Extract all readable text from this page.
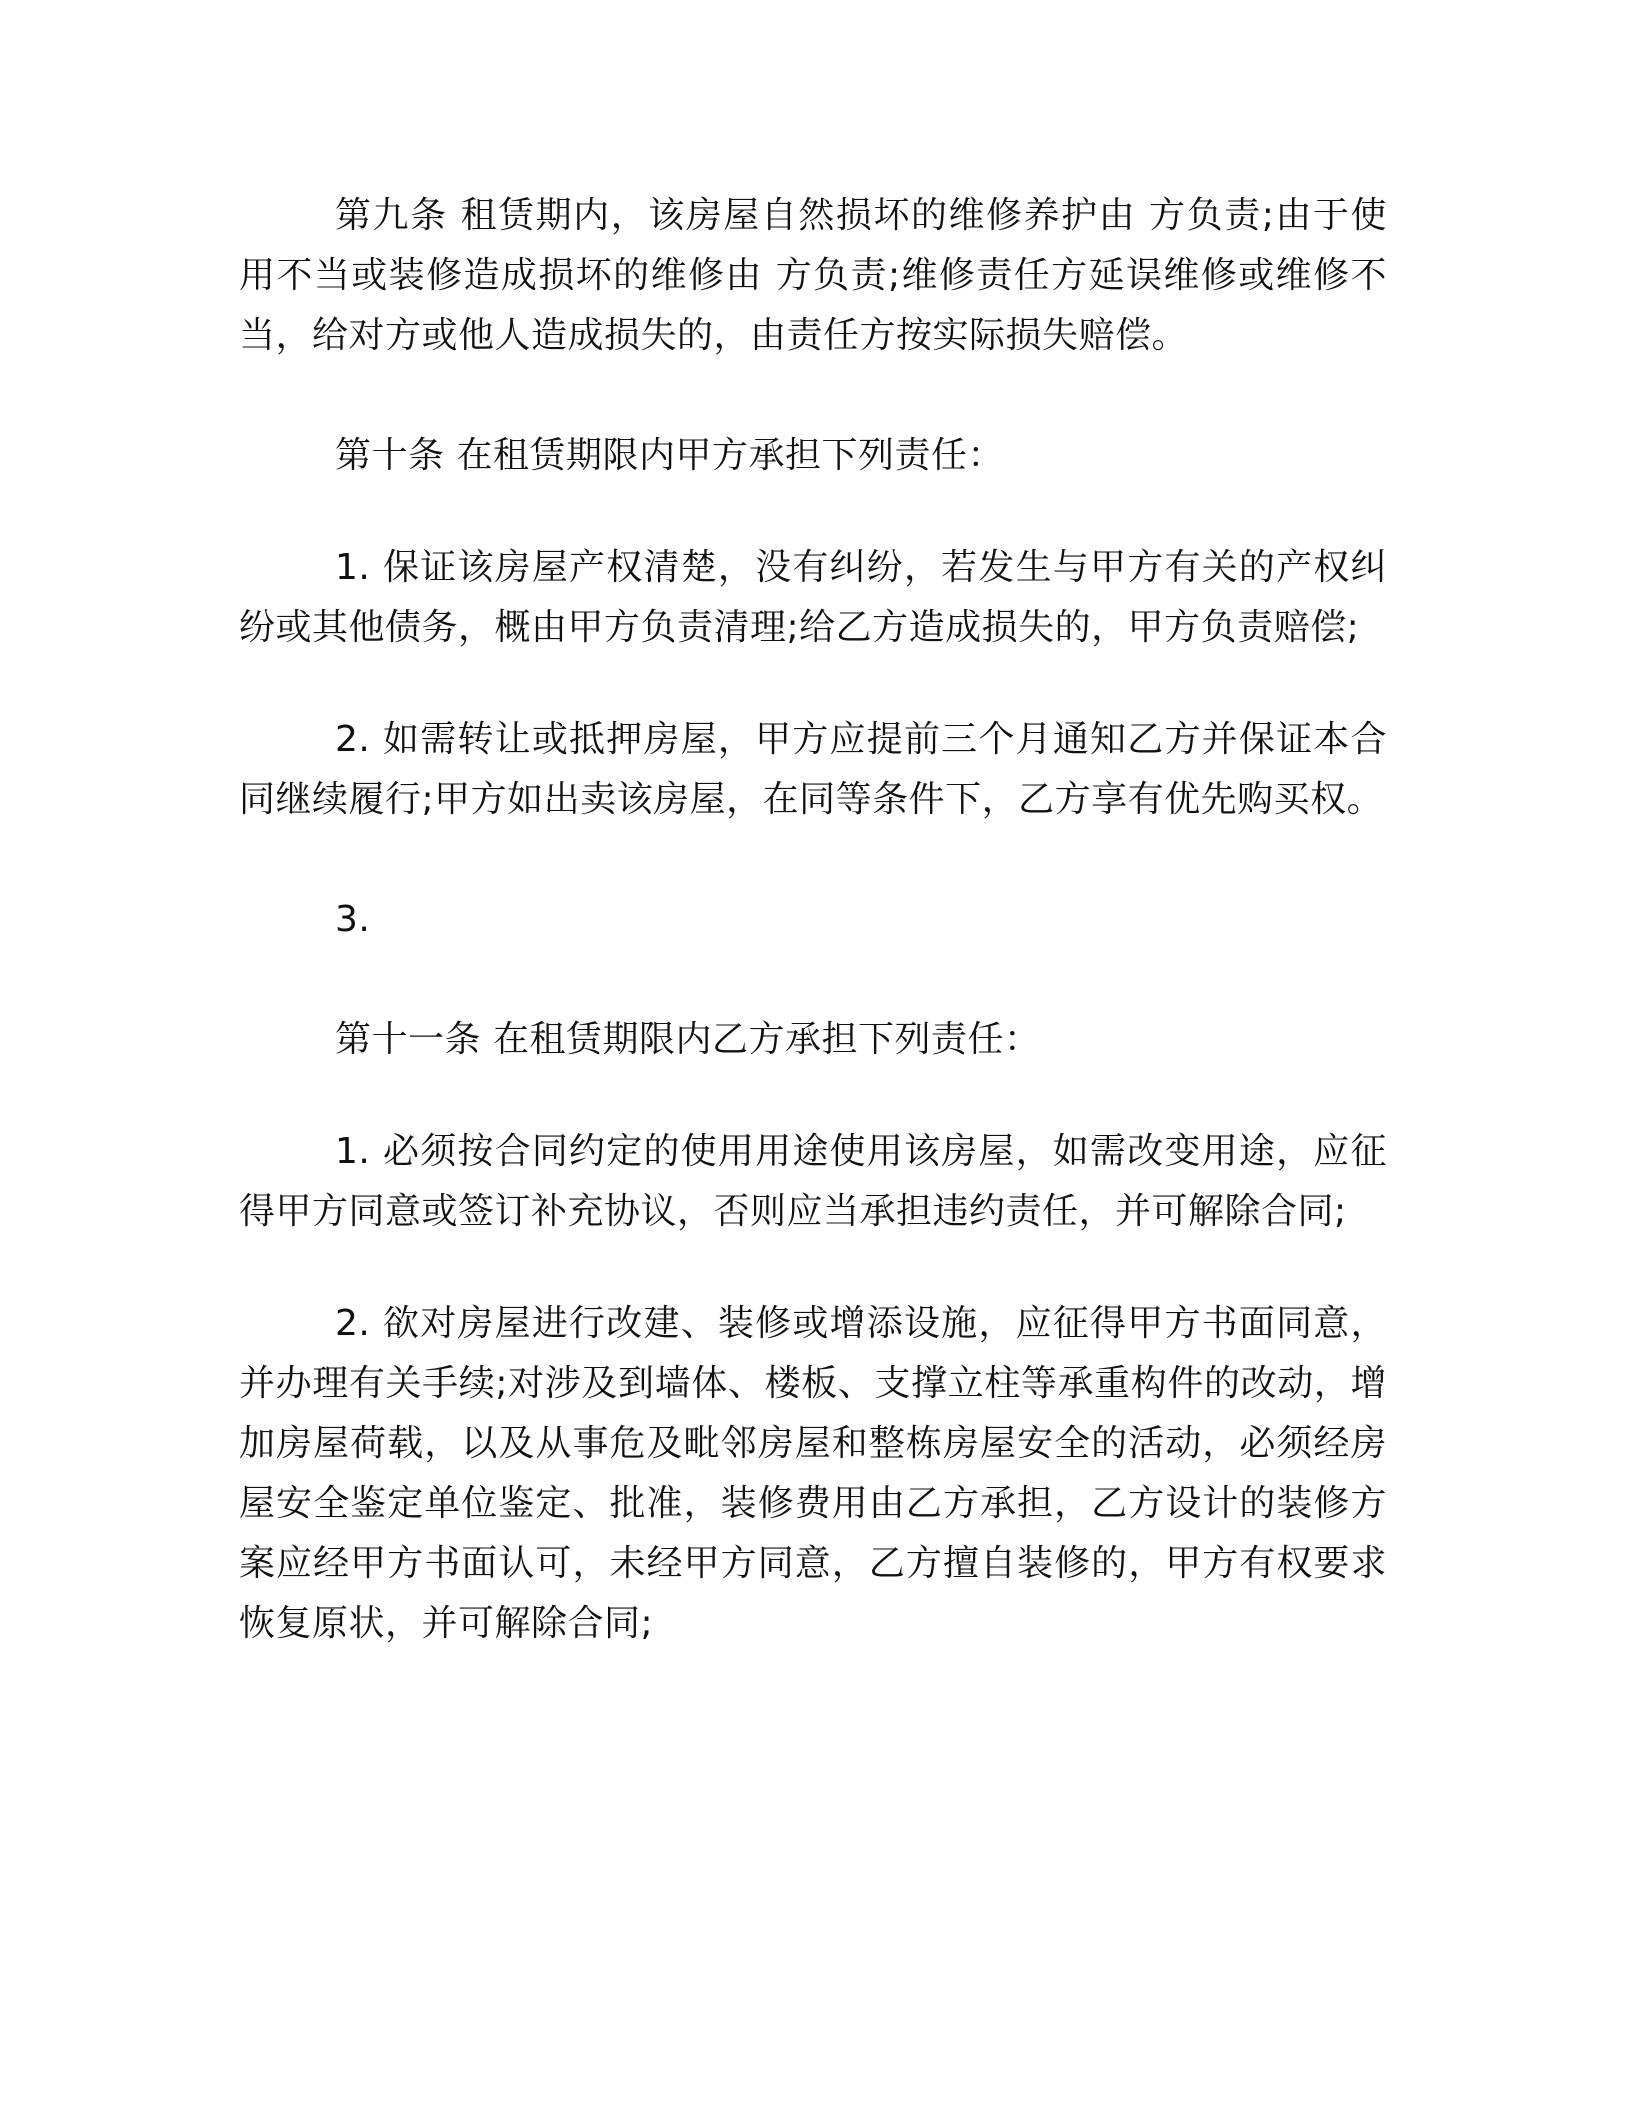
第九条 租赁期内，该房屋自然损坏的维修养护由 方负责;由于使用不当或装修造成损坏的维修由 方负责;维修责任方延误维修或维修不当，给对方或他人造成损失的，由责任方按实际损失赔偿。

第十条 在租赁期限内甲方承担下列责任：

1. 保证该房屋产权清楚，没有纠纷，若发生与甲方有关的产权纠纷或其他债务，概由甲方负责清理;给乙方造成损失的，甲方负责赔偿;

2. 如需转让或抵押房屋，甲方应提前三个月通知乙方并保证本合同继续履行;甲方如出卖该房屋，在同等条件下，乙方享有优先购买权。

3.

第十一条 在租赁期限内乙方承担下列责任：

1. 必须按合同约定的使用用途使用该房屋，如需改变用途，应征得甲方同意或签订补充协议，否则应当承担违约责任，并可解除合同;

2. 欲对房屋进行改建、装修或增添设施，应征得甲方书面同意，并办理有关手续;对涉及到墙体、楼板、支撑立柱等承重构件的改动，增加房屋荷载，以及从事危及毗邻房屋和整栋房屋安全的活动，必须经房屋安全鉴定单位鉴定、批准，装修费用由乙方承担，乙方设计的装修方案应经甲方书面认可，未经甲方同意，乙方擅自装修的，甲方有权要求恢复原状，并可解除合同;
